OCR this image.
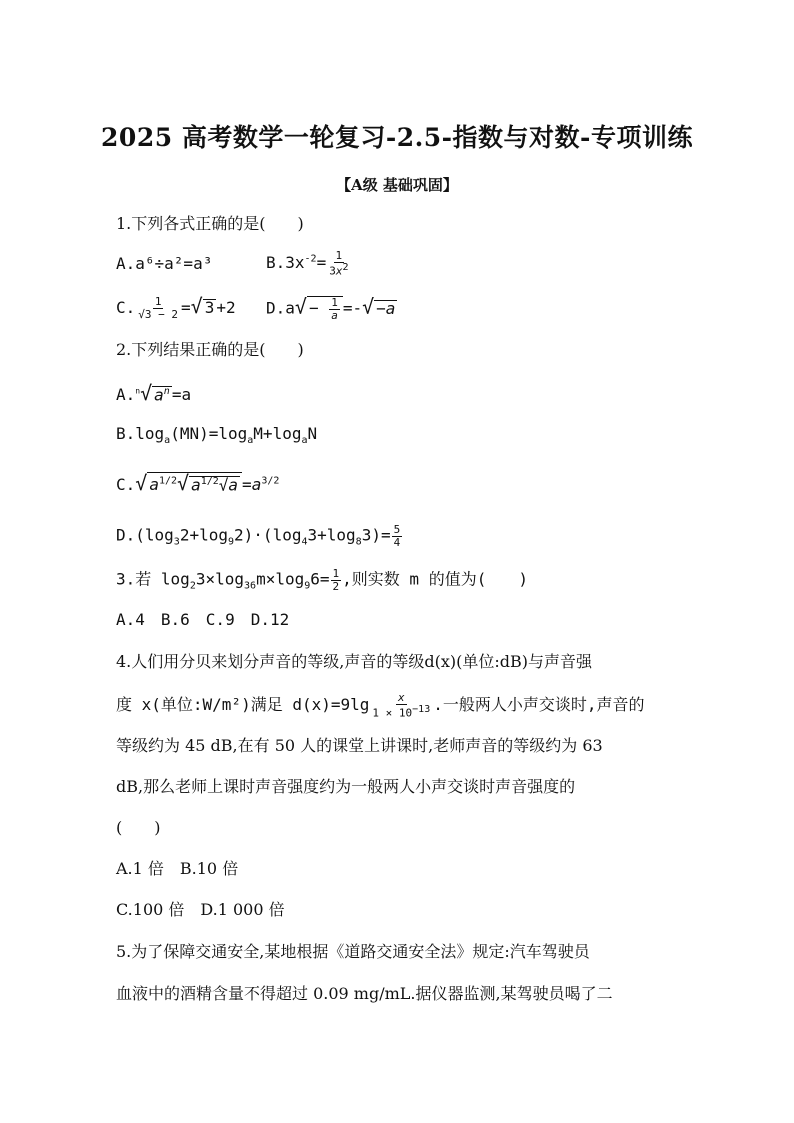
2025 高考数学一轮复习-2.5-指数与对数-专项训练
【A级 基础巩固】
1.下列各式正确的是(　　)
A.a⁶÷a²=a³	$B.3x^{-2}= \frac{1}{3x^2}$
C. $\frac{1}{√3 - 2}$ =√ 3 +2 $D.a√ - \frac{1}{a}$ =-√ −a
2.下列结果正确的是(　　)
A.$^n$√ $a^n =a$
$B.\log_a(MN)=\log_aM+\log_aN$
C.√ $a^{1/2}√$ $a^{1/2}√a =a^{3/2}$
$D.(\log_32+\log_92)\cdot(\log_43+\log_83)= \frac{5}{4}$
3.若 $\log_23\times\log_{36}m\times\log_96= \frac{1}{2}$ ,则实数 m 的值为(　　)
A.4　B.6　C.9　D.12
4.人们用分贝来划分声音的等级,声音的等级d(x)(单位:dB)与声音强
度 x(单位:W/m²)满足 $d(x)=9\lg \frac{x}{1 \times 10^{-13}}$ .一般两人小声交谈时,声音的
等级约为 45 dB,在有 50 人的课堂上讲课时,老师声音的等级约为 63
dB,那么老师上课时声音强度约为一般两人小声交谈时声音强度的
(　　)
A.1 倍　B.10 倍
C.100 倍　D.1 000 倍
5.为了保障交通安全,某地根据《道路交通安全法》规定:汽车驾驶员
血液中的酒精含量不得超过 0.09 mg/mL.据仪器监测,某驾驶员喝了二
